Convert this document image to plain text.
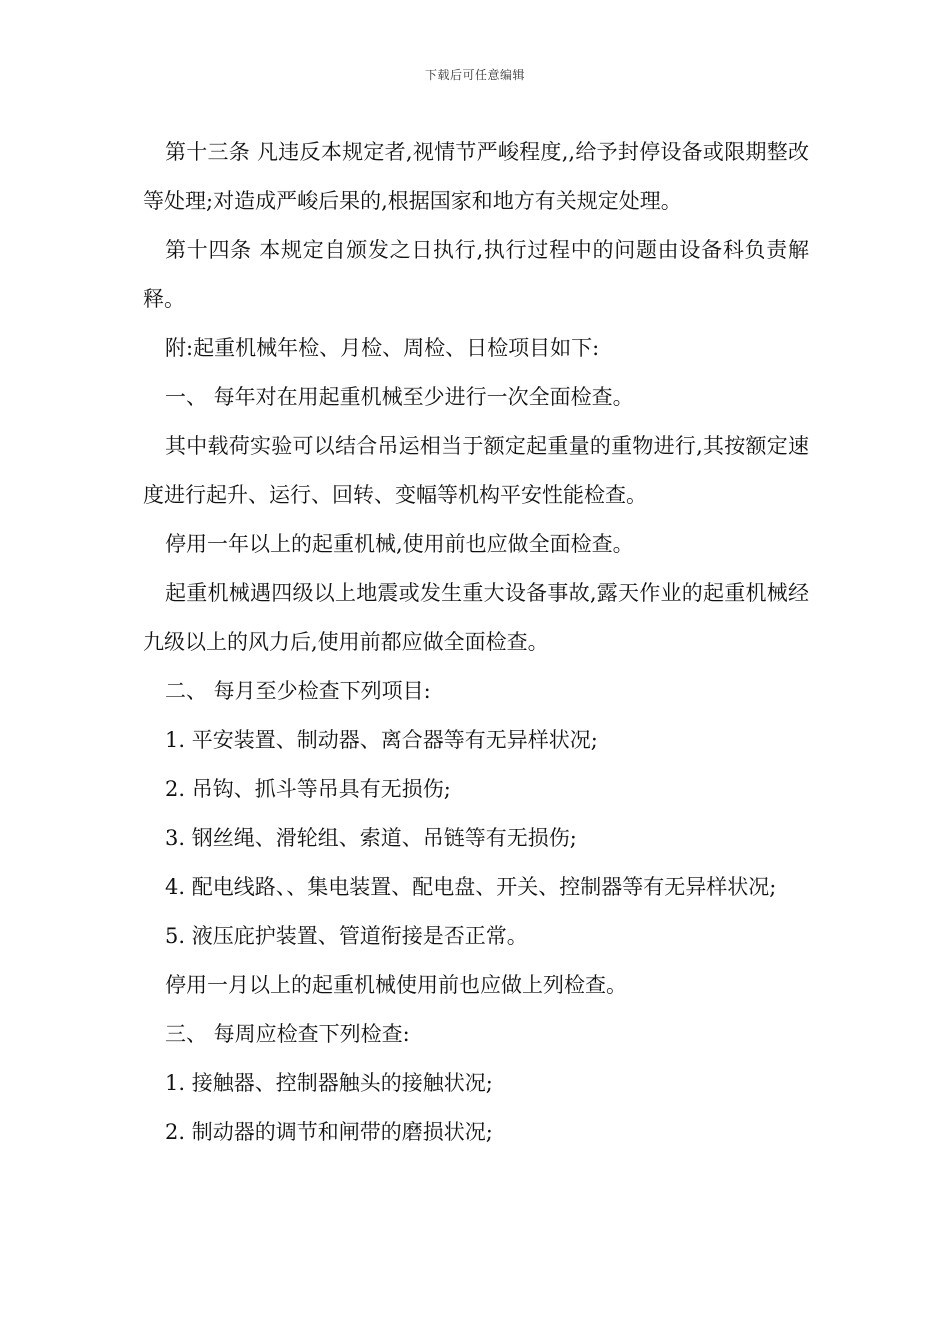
下载后可任意编辑

第十三条 凡违反本规定者,视情节严峻程度,,给予封停设备或限期整改等处理;对造成严峻后果的,根据国家和地方有关规定处理。

第十四条 本规定自颁发之日执行,执行过程中的问题由设备科负责解释。

附:起重机械年检、月检、周检、日检项目如下:

一、 每年对在用起重机械至少进行一次全面检查。

其中载荷实验可以结合吊运相当于额定起重量的重物进行,其按额定速度进行起升、运行、回转、变幅等机构平安性能检查。

停用一年以上的起重机械,使用前也应做全面检查。

起重机械遇四级以上地震或发生重大设备事故,露天作业的起重机械经九级以上的风力后,使用前都应做全面检查。

二、 每月至少检查下列项目:

1. 平安装置、制动器、离合器等有无异样状况;

2. 吊钩、抓斗等吊具有无损伤;

3. 钢丝绳、滑轮组、索道、吊链等有无损伤;

4. 配电线路、、集电装置、配电盘、开关、控制器等有无异样状况;

5. 液压庇护装置、管道衔接是否正常。

停用一月以上的起重机械使用前也应做上列检查。

三、 每周应检查下列检查:

1. 接触器、控制器触头的接触状况;

2. 制动器的调节和闸带的磨损状况;
